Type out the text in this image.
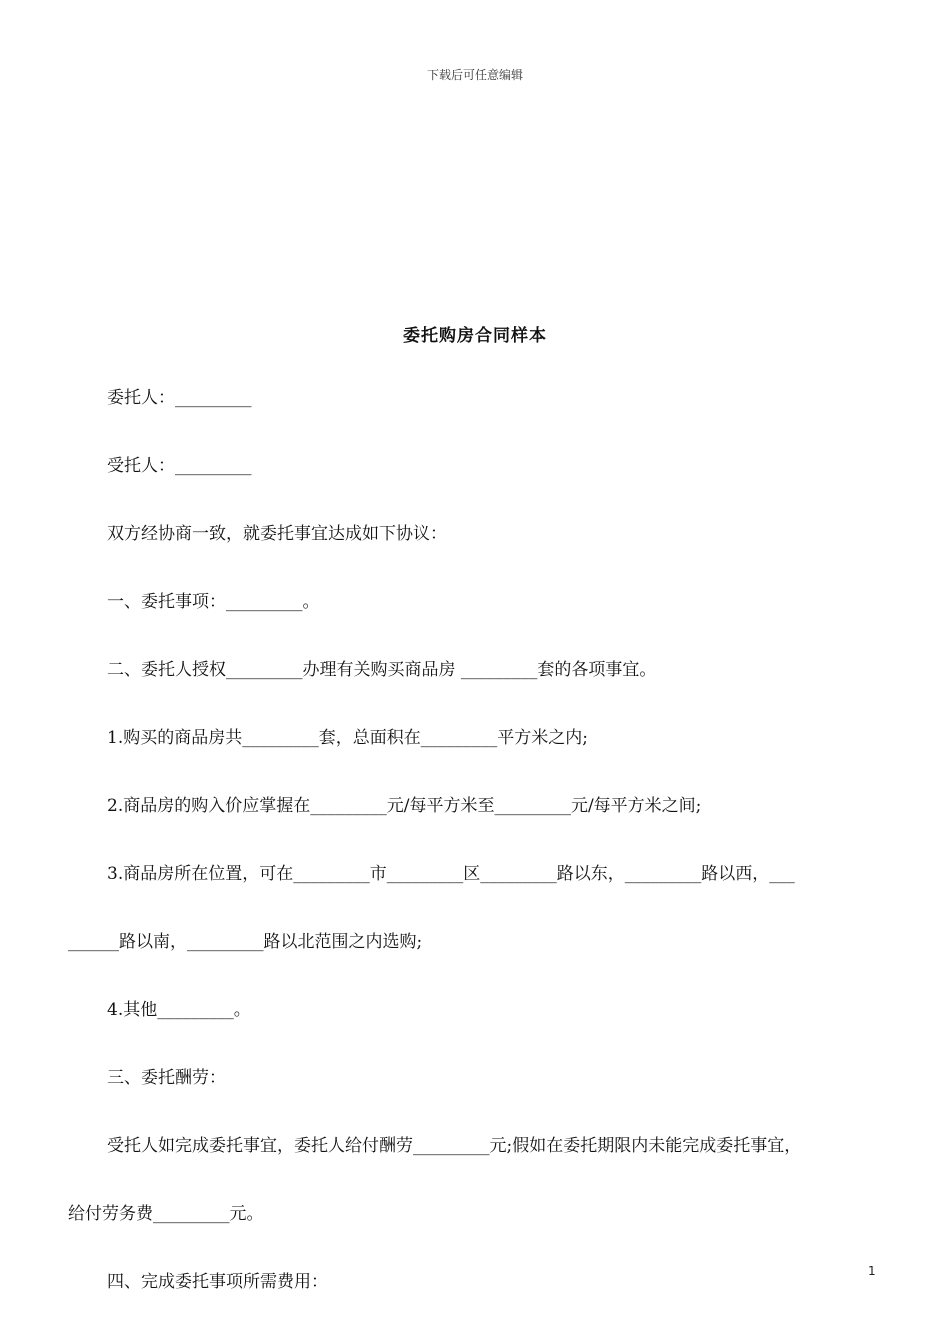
下载后可任意编辑
委托购房合同样本
委托人：_________
受托人：_________
双方经协商一致，就委托事宜达成如下协议：
一、委托事项：_________。
二、委托人授权_________办理有关购买商品房 _________套的各项事宜。
1.购买的商品房共_________套，总面积在_________平方米之内;
2.商品房的购入价应掌握在_________元/每平方米至_________元/每平方米之间;
3.商品房所在位置，可在_________市_________区_________路以东，_________路以西，___
______路以南，_________路以北范围之内选购;
4.其他_________。
三、委托酬劳：
受托人如完成委托事宜，委托人给付酬劳_________元;假如在委托期限内未能完成委托事宜，
给付劳务费_________元。
四、完成委托事项所需费用：
1
